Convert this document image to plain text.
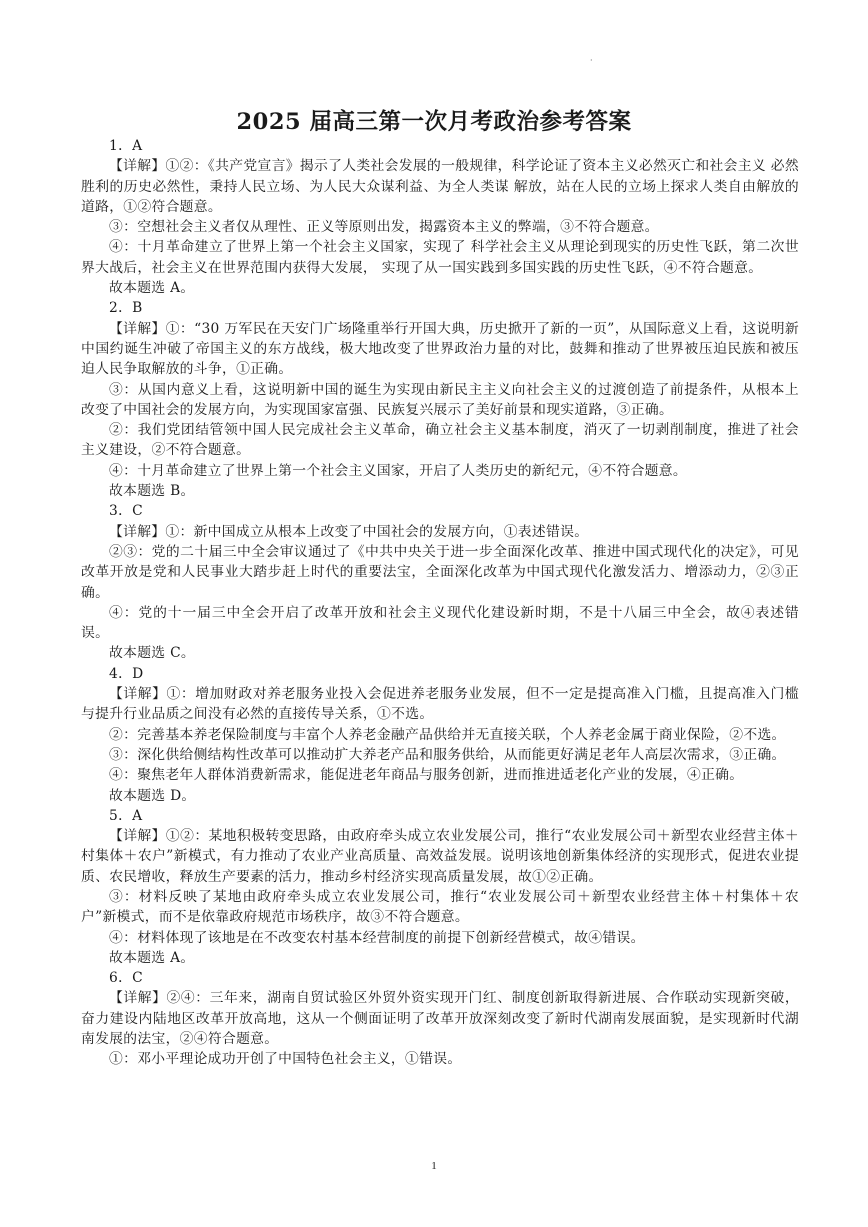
·
2025 届高三第一次月考政治参考答案

1．A

【详解】①②：《共产党宣言》揭示了人类社会发展的一般规律，科学论证了资本主义必然灭亡和社会主义 必然胜利的历史必然性，秉持人民立场、为人民大众谋利益、为全人类谋 解放，站在人民的立场上探求人类自由解放的道路，①②符合题意。

③：空想社会主义者仅从理性、正义等原则出发，揭露资本主义的弊端，③不符合题意。

④：十月革命建立了世界上第一个社会主义国家，实现了 科学社会主义从理论到现实的历史性飞跃，第二次世界大战后，社会主义在世界范围内获得大发展， 实现了从一国实践到多国实践的历史性飞跃，④不符合题意。

故本题选 A。

2．B

【详解】①：“30 万军民在天安门广场隆重举行开国大典，历史掀开了新的一页”，从国际意义上看，这说明新中国约诞生冲破了帝国主义的东方战线，极大地改变了世界政治力量的对比，鼓舞和推动了世界被压迫民族和被压迫人民争取解放的斗争，①正确。

③：从国内意义上看，这说明新中国的诞生为实现由新民主主义向社会主义的过渡创造了前提条件，从根本上改变了中国社会的发展方向，为实现国家富强、民族复兴展示了美好前景和现实道路，③正确。

②：我们党团结管领中国人民完成社会主义革命，确立社会主义基本制度，消灭了一切剥削制度，推进了社会主义建设，②不符合题意。

④：十月革命建立了世界上第一个社会主义国家，开启了人类历史的新纪元，④不符合题意。

故本题选 B。

3．C

【详解】①：新中国成立从根本上改变了中国社会的发展方向，①表述错误。

②③：党的二十届三中全会审议通过了《中共中央关于进一步全面深化改革、推进中国式现代化的决定》，可见改革开放是党和人民事业大踏步赶上时代的重要法宝，全面深化改革为中国式现代化激发活力、增添动力，②③正确。

④：党的十一届三中全会开启了改革开放和社会主义现代化建设新时期，不是十八届三中全会，故④表述错误。

故本题选 C。

4．D

【详解】①：增加财政对养老服务业投入会促进养老服务业发展，但不一定是提高准入门槛，且提高准入门槛与提升行业品质之间没有必然的直接传导关系，①不选。

②：完善基本养老保险制度与丰富个人养老金融产品供给并无直接关联，个人养老金属于商业保险，②不选。

③：深化供给侧结构性改革可以推动扩大养老产品和服务供给，从而能更好满足老年人高层次需求，③正确。

④：聚焦老年人群体消费新需求，能促进老年商品与服务创新，进而推进适老化产业的发展，④正确。

故本题选 D。

5．A

【详解】①②：某地积极转变思路，由政府牵头成立农业发展公司，推行“农业发展公司＋新型农业经营主体＋村集体＋农户”新模式，有力推动了农业产业高质量、高效益发展。说明该地创新集体经济的实现形式，促进农业提质、农民增收，释放生产要素的活力，推动乡村经济实现高质量发展，故①②正确。

③：材料反映了某地由政府牵头成立农业发展公司，推行“农业发展公司＋新型农业经营主体＋村集体＋农户”新模式，而不是依靠政府规范市场秩序，故③不符合题意。

④：材料体现了该地是在不改变农村基本经营制度的前提下创新经营模式，故④错误。

故本题选 A。

6．C

【详解】②④：三年来，湖南自贸试验区外贸外资实现开门红、制度创新取得新进展、合作联动实现新突破，奋力建设内陆地区改革开放高地，这从一个侧面证明了改革开放深刻改变了新时代湖南发展面貌，是实现新时代湖南发展的法宝，②④符合题意。

①：邓小平理论成功开创了中国特色社会主义，①错误。

1
